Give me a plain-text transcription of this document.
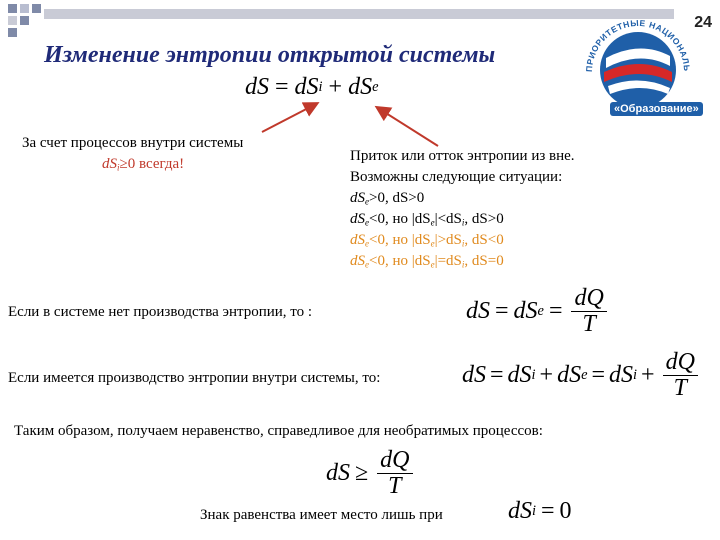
24
Изменение энтропии открытой системы
ПРИОРИТЕТНЫЕ НАЦИОНАЛЬ
«Образование»
dS = dS i + dS e
За счет процессов внутри системы
$dS_i\ge 0$ всегда!	Приток или отток энтропии из вне.
Возможны следующие ситуации:
$dS_e>0$, dS>0
$dS_e<0$, но $|dS_e|<dS_i$, dS>0
$dS_e<0$, но $|dS_e|>dS_i$, dS<0
$dS_e<0$, но $|dS_e|=dS_i$, dS=0
Если в системе нет производства энтропии, то :	dS = dS $e = \frac{dQ}{T}$
Если имеется производство энтропии внутри системы, то:	dS = dS i + dS e = dS $i + \frac{dQ}{T}$
Таким образом, получаем неравенство, справедливое для необратимых процессов:
dS ≥ $\frac{dQ}{T}$
Знак равенства имеет место лишь при	dS i = 0
